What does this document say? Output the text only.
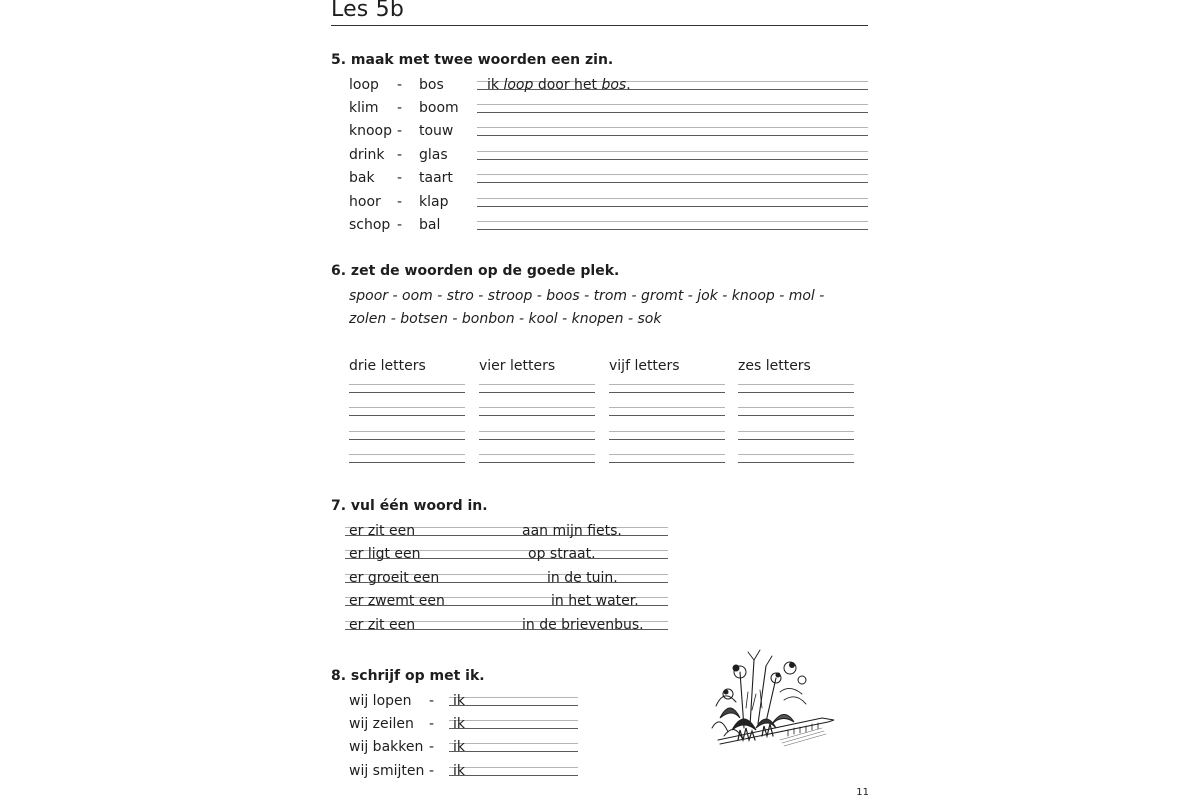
Les 5b
5. maak met twee woorden een zin.
loop - bos	ik loop door het bos.
klim - boom
knoop - touw
drink - glas
bak - taart
hoor - klap
schop - bal
6. zet de woorden op de goede plek.
spoor - oom - stro - stroop - boos - trom - gromt - jok - knoop - mol -
zolen - botsen - bonbon - kool - knopen - sok
drie letters	vier letters	vijf letters	zes letters
7. vul één woord in.
er zit een	aan mijn fiets.
er ligt een	op straat.
er groeit een	in de tuin.
er zwemt een	in het water.
er zit een	in de brievenbus.
8. schrijf op met ik.
wij lopen - ik
wij zeilen - ik
wij bakken - ik
wij smijten - ik
11
